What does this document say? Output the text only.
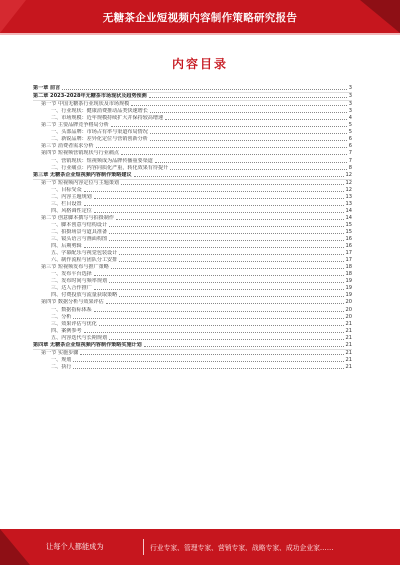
无糖茶企业短视频内容制作策略研究报告
内容目录
第一章 前言	3
第二章 2023-2028年无糖茶市场现状及趋势预测	3
第一节 中国无糖茶行业现状及市场规模	3
一、行业现状：健康消费推动品类快速增长	3
二、市场规模：近年规模持续扩大并保持较高增速	4
第二节 主要品牌竞争格局分析	5
一、头部品牌：市场占有率与渠道布局情况	5
二、新锐品牌：差异化定位与营销创新分析	6
第三节 消费者需求分析	6
第四节 短视频营销现状与行业痛点	7
一、营销现状：短视频成为品牌传播重要渠道	7
二、行业痛点：内容同质化严重，转化效果有待提升	8
第三章 无糖茶企业短视频内容制作策略建议	12
第一节 短视频内容定位与主题策划	12
一、目标受众	12
二、内容主题规划	13
三、栏目设置	13
四、风格调性定位	14
第二节 创意脚本撰写与拍摄制作	14
一、脚本创意与结构设计	15
二、拍摄场景与道具准备	15
三、镜头语言与画面构图	16
四、后期剪辑	16
五、字幕配乐与视觉包装设计	17
六、制作流程与团队分工安排	17
第三节 短视频发布与推广策略	18
一、发布平台选择	18
二、发布时间与频率规划	19
三、达人合作推广	19
四、付费投放与流量获取策略	19
第四节 数据分析与效果评估	20
一、数据指标体系	20
二、分析	20
三、效果评估与优化	21
四、案例参考	21
五、内容迭代与长期规划	21
第四章 无糖茶企业短视频内容制作策略实施计划	21
第一节 实施步骤	21
一、规划	21
二、执行	21
让每个人都能成为	行业专家、管理专家、营销专家、战略专家、成功企业家……
